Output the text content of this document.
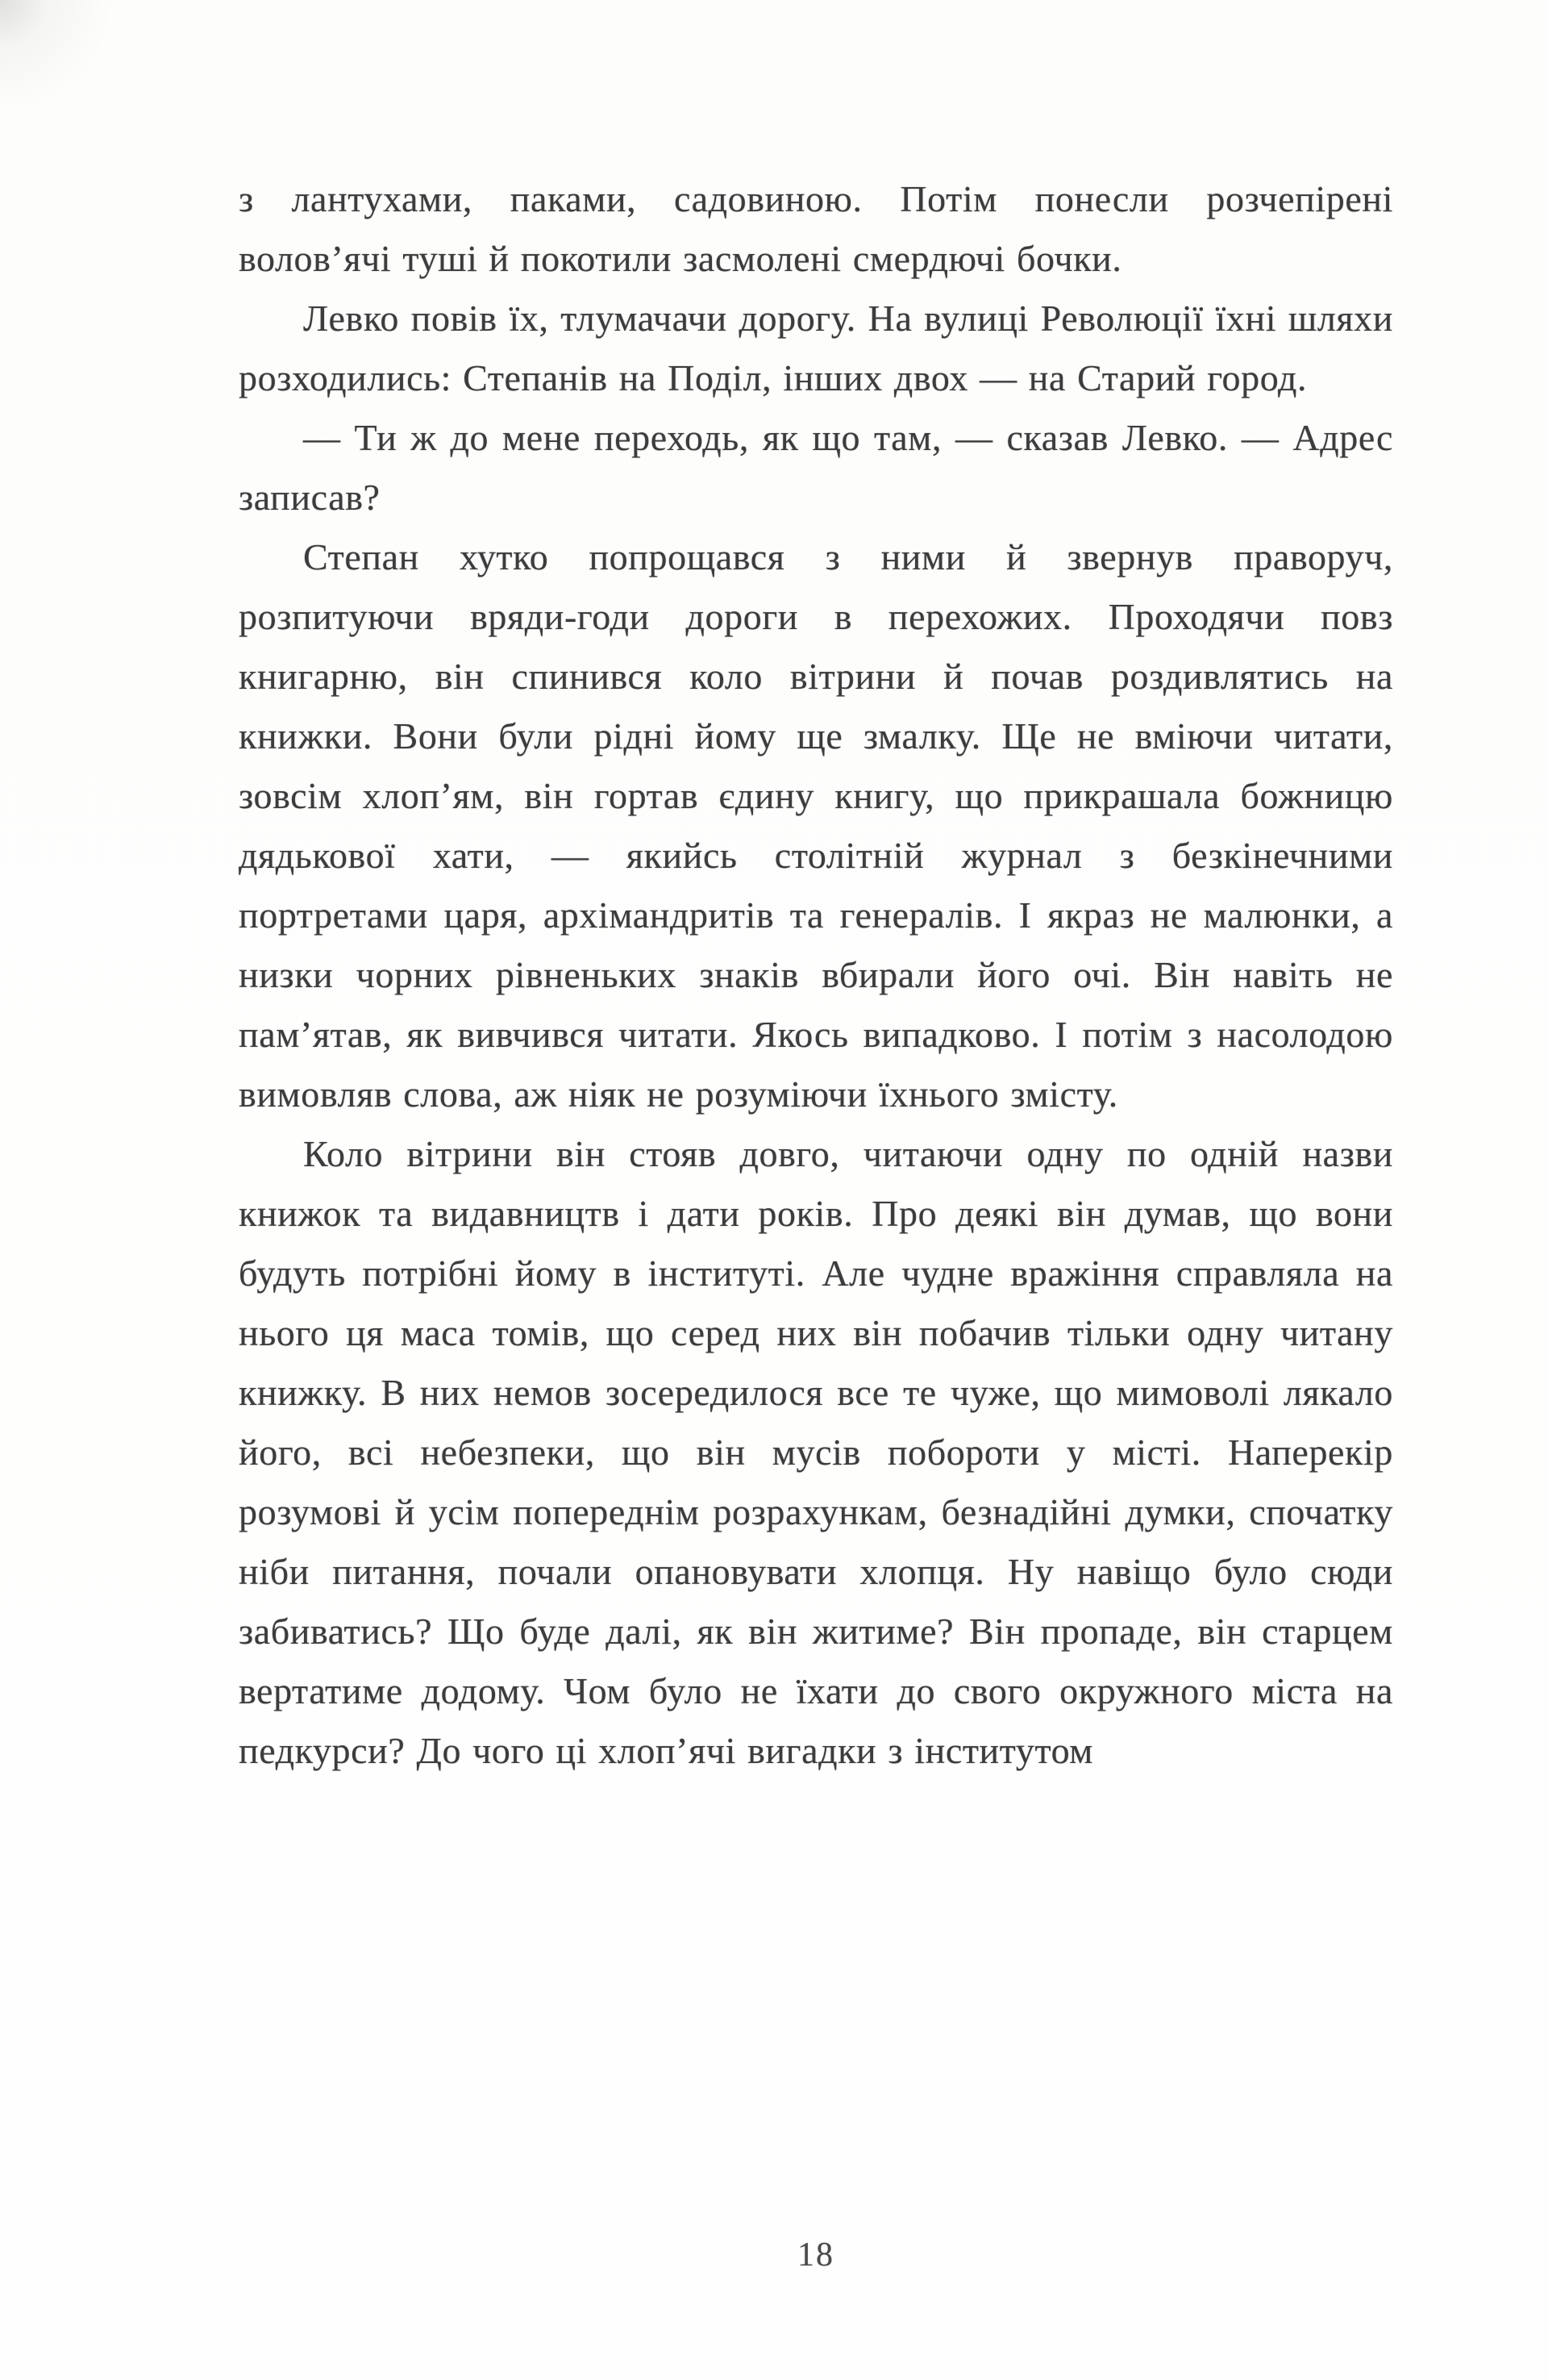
з лантухами, паками, садовиною. Потім понесли розчепірені волов’ячі туші й покотили засмолені смердючі бочки.

Левко повів їх, тлумачачи дорогу. На вулиці Революції їхні шляхи розходились: Степанів на Поділ, інших двох — на Старий город.

— Ти ж до мене переходь, як що там, — сказав Левко. — Адрес записав?

Степан хутко попрощався з ними й звернув праворуч, розпитуючи вряди-годи дороги в перехожих. Проходячи повз книгарню, він спинився коло вітрини й почав роздивлятись на книжки. Вони були рідні йому ще змалку. Ще не вміючи читати, зовсім хлоп’ям, він гортав єдину книгу, що прикрашала божницю дядькової хати, — якийсь столітній журнал з безкінечними портретами царя, архімандритів та генералів. І якраз не малюнки, а низки чорних рівненьких знаків вбирали його очі. Він навіть не пам’ятав, як вивчився читати. Якось випадково. І потім з насолодою вимовляв слова, аж ніяк не розуміючи їхнього змісту.

Коло вітрини він стояв довго, читаючи одну по одній назви книжок та видавництв і дати років. Про деякі він думав, що вони будуть потрібні йому в інституті. Але чудне вражіння справляла на нього ця маса томів, що серед них він побачив тільки одну читану книжку. В них немов зосередилося все те чуже, що мимоволі лякало його, всі небезпеки, що він мусів побороти у місті. Наперекір розумові й усім попереднім розрахункам, безнадійні думки, спочатку ніби питання, почали опановувати хлопця. Ну навіщо було сюди забиватись? Що буде далі, як він житиме? Він пропаде, він старцем вертатиме додому. Чом було не їхати до свого окружного міста на педкурси? До чого ці хлоп’ячі вигадки з інститутом

18
